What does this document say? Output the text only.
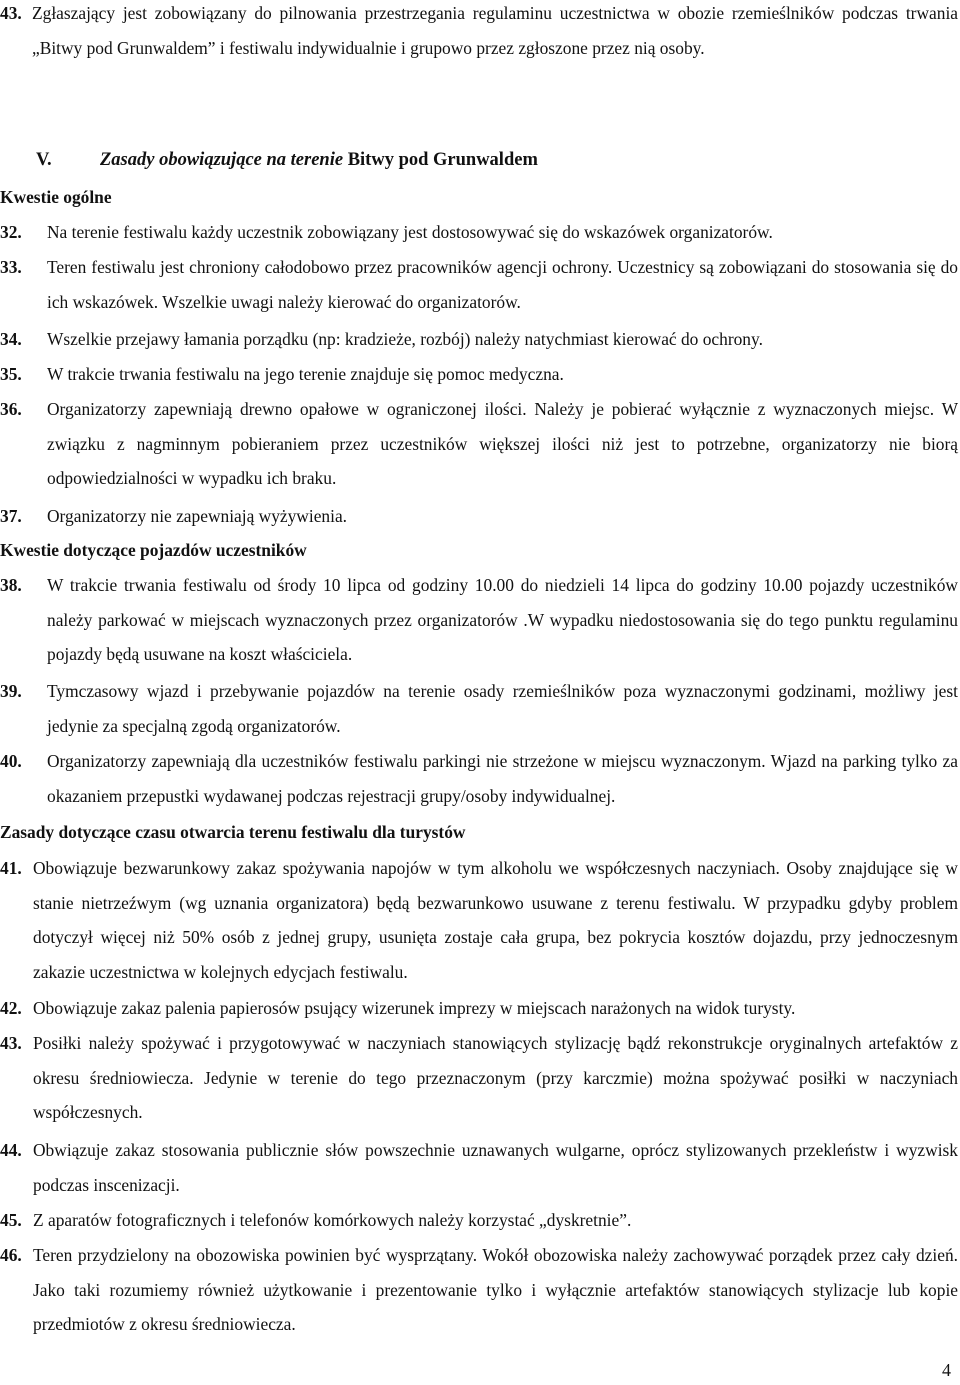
43. Zgłaszający jest zobowiązany do pilnowania przestrzegania regulaminu uczestnictwa w obozie rzemieślników podczas trwania „Bitwy pod Grunwaldem” i festiwalu indywidualnie i grupowo przez zgłoszone przez nią osoby.
V.	Zasady obowiązujące na terenie Bitwy pod Grunwaldem
Kwestie ogólne
32.	Na terenie festiwalu każdy uczestnik zobowiązany jest dostosowywać się do wskazówek organizatorów.
33.	Teren festiwalu jest chroniony całodobowo przez pracowników agencji ochrony. Uczestnicy są zobowiązani do stosowania się do ich wskazówek. Wszelkie uwagi należy kierować do organizatorów.
34.	Wszelkie przejawy łamania porządku (np: kradzieże, rozbój) należy natychmiast kierować do ochrony.
35.	W trakcie trwania festiwalu na jego terenie znajduje się pomoc medyczna.
36.	Organizatorzy zapewniają drewno opałowe w ograniczonej ilości. Należy je pobierać wyłącznie z wyznaczonych miejsc. W związku z nagminnym pobieraniem przez uczestników większej ilości niż jest to potrzebne, organizatorzy nie biorą odpowiedzialności w wypadku ich braku.
37.	Organizatorzy nie zapewniają wyżywienia.
Kwestie dotyczące pojazdów uczestników
38.	W trakcie trwania festiwalu od środy 10 lipca od godziny 10.00 do niedzieli 14 lipca do godziny 10.00 pojazdy uczestników należy parkować w miejscach wyznaczonych przez organizatorów .W wypadku niedostosowania się do tego punktu regulaminu pojazdy będą usuwane na koszt właściciela.
39.	Tymczasowy wjazd i przebywanie pojazdów na terenie osady rzemieślników poza wyznaczonymi godzinami, możliwy jest jedynie za specjalną zgodą organizatorów.
40.	Organizatorzy zapewniają dla uczestników festiwalu parkingi nie strzeżone w miejscu wyznaczonym. Wjazd na parking tylko za okazaniem przepustki wydawanej podczas rejestracji grupy/osoby indywidualnej.
Zasady dotyczące czasu otwarcia terenu festiwalu dla turystów
41. Obowiązuje bezwarunkowy zakaz spożywania napojów w tym alkoholu we współczesnych naczyniach. Osoby znajdujące się w stanie nietrzeźwym (wg uznania organizatora) będą bezwarunkowo usuwane z terenu festiwalu. W przypadku gdyby problem dotyczył więcej niż 50% osób z jednej grupy, usunięta zostaje cała grupa, bez pokrycia kosztów dojazdu, przy jednoczesnym zakazie uczestnictwa w kolejnych edycjach festiwalu.
42. Obowiązuje zakaz palenia papierosów psujący wizerunek imprezy w miejscach narażonych na widok turysty.
43. Posiłki należy spożywać i przygotowywać w naczyniach stanowiących stylizację bądź rekonstrukcje oryginalnych artefaktów z okresu średniowiecza. Jedynie w terenie do tego przeznaczonym (przy karczmie) można spożywać posiłki w naczyniach współczesnych.
44. Obwiązuje zakaz stosowania publicznie słów powszechnie uznawanych wulgarne, oprócz stylizowanych przekleństw i wyzwisk podczas inscenizacji.
45. Z aparatów fotograficznych i telefonów komórkowych należy korzystać „dyskretnie”.
46. Teren przydzielony na obozowiska powinien być wysprzątany. Wokół obozowiska należy zachowywać porządek przez cały dzień. Jako taki rozumiemy również użytkowanie i prezentowanie tylko i wyłącznie artefaktów stanowiących stylizacje lub kopie przedmiotów z okresu średniowiecza.
4
